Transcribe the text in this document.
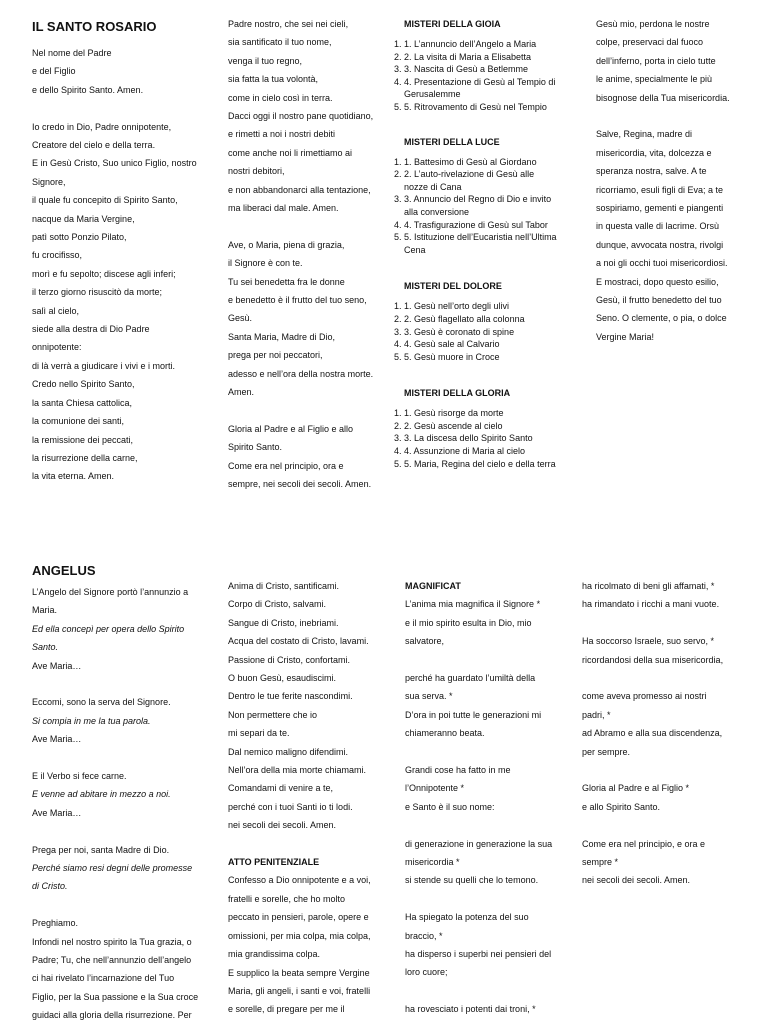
IL SANTO ROSARIO

Nel nome del Padre

e del Figlio

e dello Spirito Santo. Amen.

Io credo in Dio, Padre onnipotente,

Creatore del cielo e della terra.

E in Gesù Cristo, Suo unico Figlio, nostro

Signore,

il quale fu concepito di Spirito Santo,

nacque da Maria Vergine,

patì sotto Ponzio Pilato,

fu crocifisso,

morì e fu sepolto; discese agli inferi;

il terzo giorno risuscitò da morte;

salì al cielo,

siede alla destra di Dio Padre

onnipotente:

di là verrà a giudicare i vivi e i morti.

Credo nello Spirito Santo,

la santa Chiesa cattolica,

la comunione dei santi,

la remissione dei peccati,

la risurrezione della carne,

la vita eterna. Amen.

Padre nostro, che sei nei cieli,

sia santificato il tuo nome,

venga il tuo regno,

sia fatta la tua volontà,

come in cielo così in terra.

Dacci oggi il nostro pane quotidiano,

e rimetti a noi i nostri debiti

come anche noi li rimettiamo ai

nostri debitori,

e non abbandonarci alla tentazione,

ma liberaci dal male. Amen.

Ave, o Maria, piena di grazia,

il Signore è con te.

Tu sei benedetta fra le donne

e benedetto è il frutto del tuo seno,

Gesù.

Santa Maria, Madre di Dio,

prega per noi peccatori,

adesso e nell’ora della nostra morte.

Amen.

Gloria al Padre e al Figlio e allo

Spirito Santo.

Come era nel principio, ora e

sempre, nei secoli dei secoli. Amen.

MISTERI DELLA GIOIA

1. 1. L’annuncio dell’Angelo a Maria
2. 2. La visita di Maria a Elisabetta
3. 3. Nascita di Gesù a Betlemme
4. 4. Presentazione di Gesù al Tempio di Gerusalemme
5. 5. Ritrovamento di Gesù nel Tempio

MISTERI DELLA LUCE

1. 1. Battesimo di Gesù al Giordano
2. 2. L’auto-rivelazione di Gesù alle nozze di Cana
3. 3. Annuncio del Regno di Dio e invito alla conversione
4. 4. Trasfigurazione di Gesù sul Tabor
5. 5. Istituzione dell’Eucaristia nell’Ultima Cena

MISTERI DEL DOLORE

1. 1. Gesù nell’orto degli ulivi
2. 2. Gesù flagellato alla colonna
3. 3. Gesù è coronato di spine
4. 4. Gesù sale al Calvario
5. 5. Gesù muore in Croce

MISTERI DELLA GLORIA

1. 1. Gesù risorge da morte
2. 2. Gesù ascende al cielo
3. 3. La discesa dello Spirito Santo
4. 4. Assunzione di Maria al cielo
5. 5. Maria, Regina del cielo e della terra

Gesù mio, perdona le nostre

colpe, preservaci dal fuoco

dell’inferno, porta in cielo tutte

le anime, specialmente le più

bisognose della Tua misericordia.

Salve, Regina, madre di

misericordia, vita, dolcezza e

speranza nostra, salve. A te

ricorriamo, esuli figli di Eva; a te

sospiriamo, gementi e piangenti

in questa valle di lacrime. Orsù

dunque, avvocata nostra, rivolgi

a noi gli occhi tuoi misericordiosi.

E mostraci, dopo questo esilio,

Gesù, il frutto benedetto del tuo

Seno. O clemente, o pia, o dolce

Vergine Maria!

ANGELUS

L’Angelo del Signore portò l’annunzio a

Maria.

Ed ella concepì per opera dello Spirito

Santo.

Ave Maria…

Eccomi, sono la serva del Signore.

Si compia in me la tua parola.

Ave Maria…

E il Verbo si fece carne.

E venne ad abitare in mezzo a noi.

Ave Maria…

Prega per noi, santa Madre di Dio.

Perché siamo resi degni delle promesse

di Cristo.

Preghiamo.

Infondi nel nostro spirito la Tua grazia, o

Padre; Tu, che nell’annunzio dell’angelo

ci hai rivelato l’incarnazione del Tuo

Figlio, per la Sua passione e la Sua croce

guidaci alla gloria della risurrezione. Per

Anima di Cristo, santificami.

Corpo di Cristo, salvami.

Sangue di Cristo, inebriami.

Acqua del costato di Cristo, lavami.

Passione di Cristo, confortami.

O buon Gesù, esaudiscimi.

Dentro le tue ferite nascondimi.

Non permettere che io

mi separi da te.

Dal nemico maligno difendimi.

Nell’ora della mia morte chiamami.

Comandami di venire a te,

perché con i tuoi Santi io ti lodi.

nei secoli dei secoli. Amen.

ATTO PENITENZIALE

Confesso a Dio onnipotente e a voi,

fratelli e sorelle, che ho molto

peccato in pensieri, parole, opere e

omissioni, per mia colpa, mia colpa,

mia grandissima colpa.

E supplico la beata sempre Vergine

Maria, gli angeli, i santi e voi, fratelli

e sorelle, di pregare per me il

MAGNIFICAT

L’anima mia magnifica il Signore *

e il mio spirito esulta in Dio, mio

salvatore,

perché ha guardato l’umiltà della

sua serva. *

D’ora in poi tutte le generazioni mi

chiameranno beata.

Grandi cose ha fatto in me

l’Onnipotente *

e Santo è il suo nome:

di generazione in generazione la sua

misericordia *

si stende su quelli che lo temono.

Ha spiegato la potenza del suo

braccio, *

ha disperso i superbi nei pensieri del

loro cuore;

ha rovesciato i potenti dai troni, *

ha ricolmato di beni gli affamati, *

ha rimandato i ricchi a mani vuote.

Ha soccorso Israele, suo servo, *

ricordandosi della sua misericordia,

come aveva promesso ai nostri

padri, *

ad Abramo e alla sua discendenza,

per sempre.

Gloria al Padre e al Figlio *

e allo Spirito Santo.

Come era nel principio, e ora e

sempre *

nei secoli dei secoli. Amen.
